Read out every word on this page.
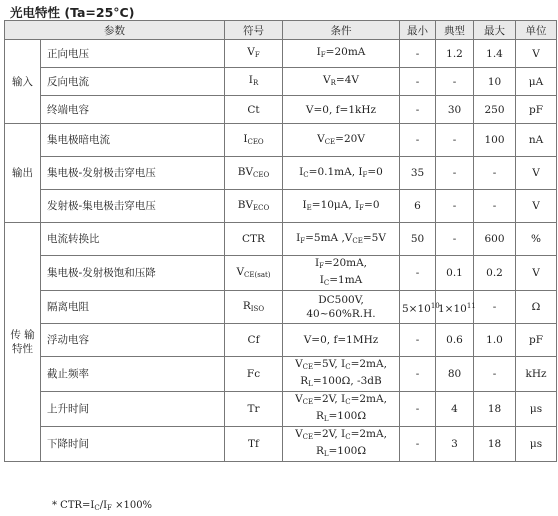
光电特性 (Ta=25°C)
参数		符号	条件	最小	典型	最大	单位
输入	正向电压	$V_F$	$I_F=20mA$	-	1.2	1.4	V
	反向电流	$I_R$	$V_R=4V$	-	-	10	μA
	终端电容	Ct	V=0, f=1kHz	-	30	250	pF
输出	集电极暗电流	$I_{CEO}$	$V_{CE}=20V$	-	-	100	nA
	集电极-发射极击穿电压	$BV_{CEO}$	$I_C=0.1mA$, $I_F=0$	35	-	-	V
	发射极-集电极击穿电压	$BV_{ECO}$	$I_E=10\mu A$, $I_F=0$	6	-	-	V
传 输
特性	电流转换比	CTR	$I_F=5mA$ $,V_{CE}=5V$	50	-	600	%
	集电极-发射极饱和压降	$V_{CE(sat)}$	$I_F=20mA$,
$I_C=1mA$	-	0.1	0.2	V
	隔离电阻	$R_{ISO}$	DC500V,
40~60%R.H.	$5\times 10^{10}$	$1\times 10^{11}$	-	Ω
	浮动电容	Cf	V=0, f=1MHz	-	0.6	1.0	pF
	截止频率	Fc	$V_{CE}=5V$, $I_C=2mA$,
$R_L=100\Omega$, -3dB	-	80	-	kHz
	上升时间	Tr	$V_{CE}=2V$, $I_C=2mA$,
$R_L=100\Omega$	-	4	18	μs
	下降时间	Tf	$V_{CE}=2V$, $I_C=2mA$,
$R_L=100\Omega$	-	3	18	μs
* $CTR=I_C/I_F \times 100\%$
